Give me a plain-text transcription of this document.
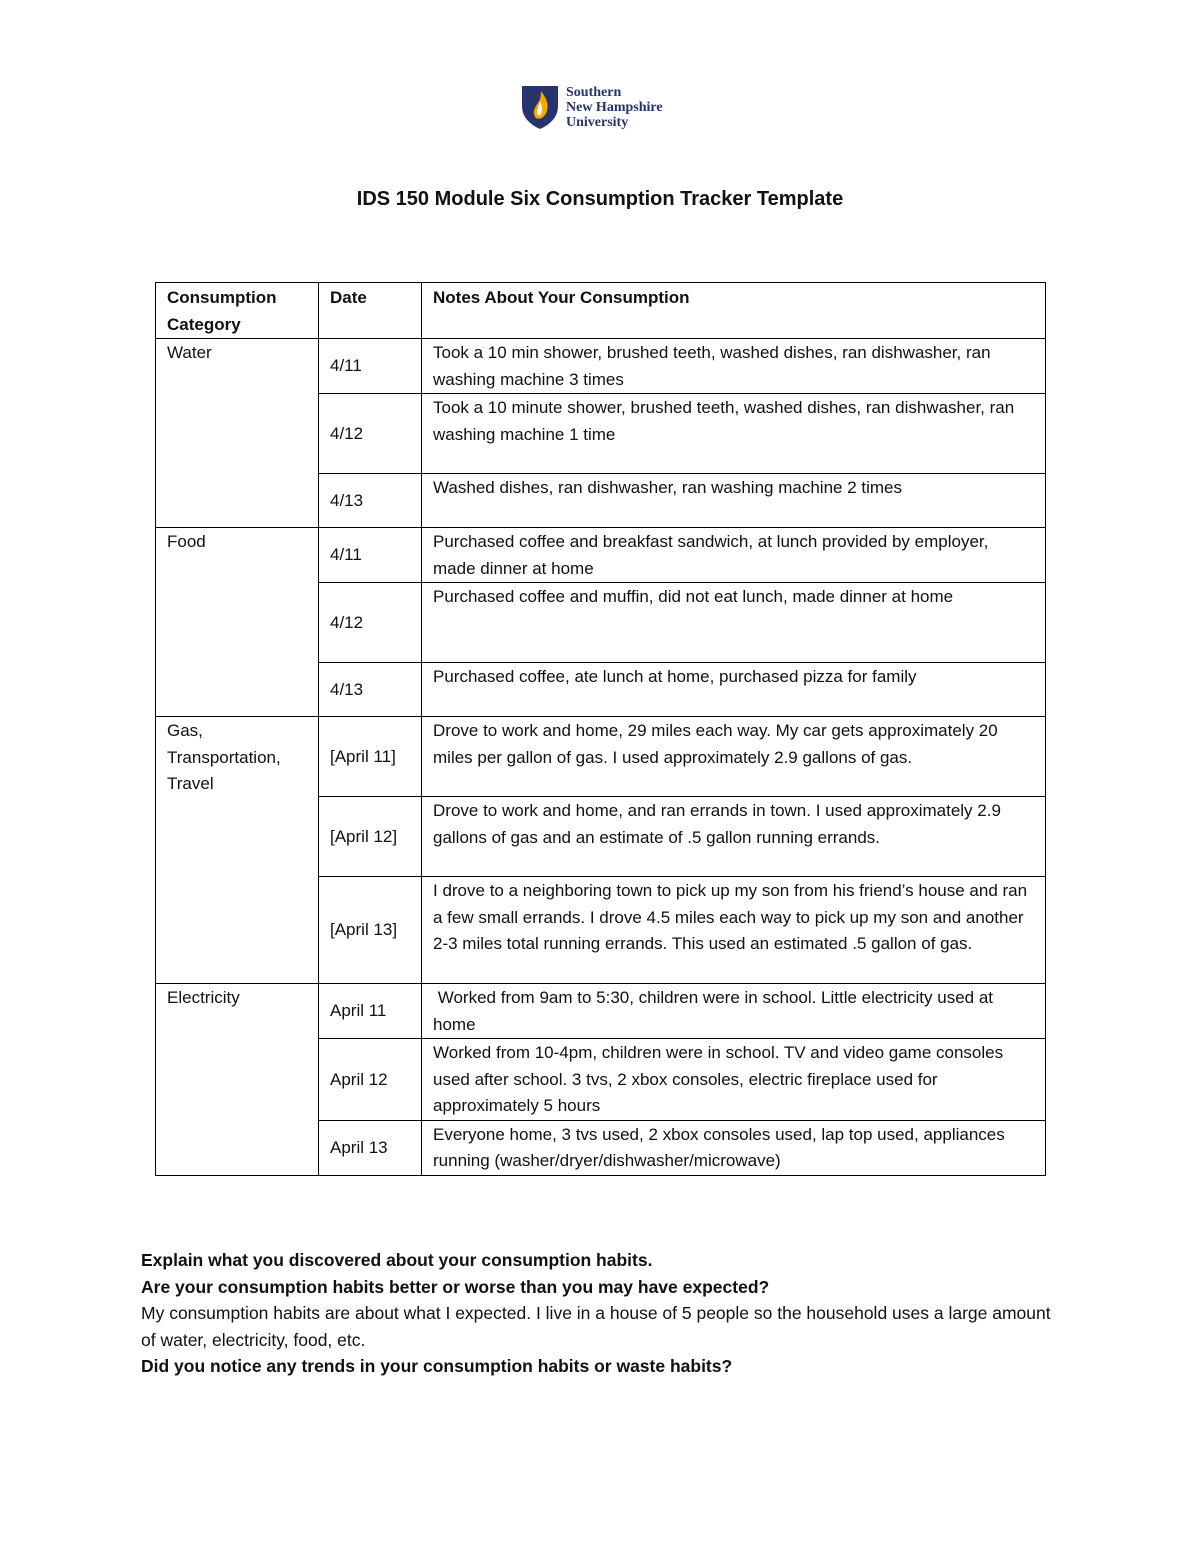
Southern
New Hampshire
University
IDS 150 Module Six Consumption Tracker Template
Consumption Category	Date	Notes About Your Consumption
Water	4/11	Took a 10 min shower, brushed teeth, washed dishes, ran dishwasher, ran washing machine 3 times
	4/12	Took a 10 minute shower, brushed teeth, washed dishes, ran dishwasher, ran washing machine 1 time
	4/13	Washed dishes, ran dishwasher, ran washing machine 2 times
Food	4/11	Purchased coffee and breakfast sandwich, at lunch provided by employer, made dinner at home
	4/12	Purchased coffee and muffin, did not eat lunch, made dinner at home
	4/13	Purchased coffee, ate lunch at home, purchased pizza for family
Gas, Transportation, Travel	[April 11]	Drove to work and home, 29 miles each way. My car gets approximately 20 miles per gallon of gas. I used approximately 2.9 gallons of gas.
	[April 12]	Drove to work and home, and ran errands in town. I used approximately 2.9 gallons of gas and an estimate of .5 gallon running errands.
	[April 13]	I drove to a neighboring town to pick up my son from his friend’s house and ran a few small errands. I drove 4.5 miles each way to pick up my son and another 2-3 miles total running errands. This used an estimated .5 gallon of gas.
Electricity	April 11	Worked from 9am to 5:30, children were in school. Little electricity used at home
	April 12	Worked from 10-4pm, children were in school. TV and video game consoles used after school. 3 tvs, 2 xbox consoles, electric fireplace used for approximately 5 hours
	April 13	Everyone home, 3 tvs used, 2 xbox consoles used, lap top used, appliances running (washer/dryer/dishwasher/microwave)

Explain what you discovered about your consumption habits.

Are your consumption habits better or worse than you may have expected?

My consumption habits are about what I expected. I live in a house of 5 people so the household uses a large amount of water, electricity, food, etc.

Did you notice any trends in your consumption habits or waste habits?
